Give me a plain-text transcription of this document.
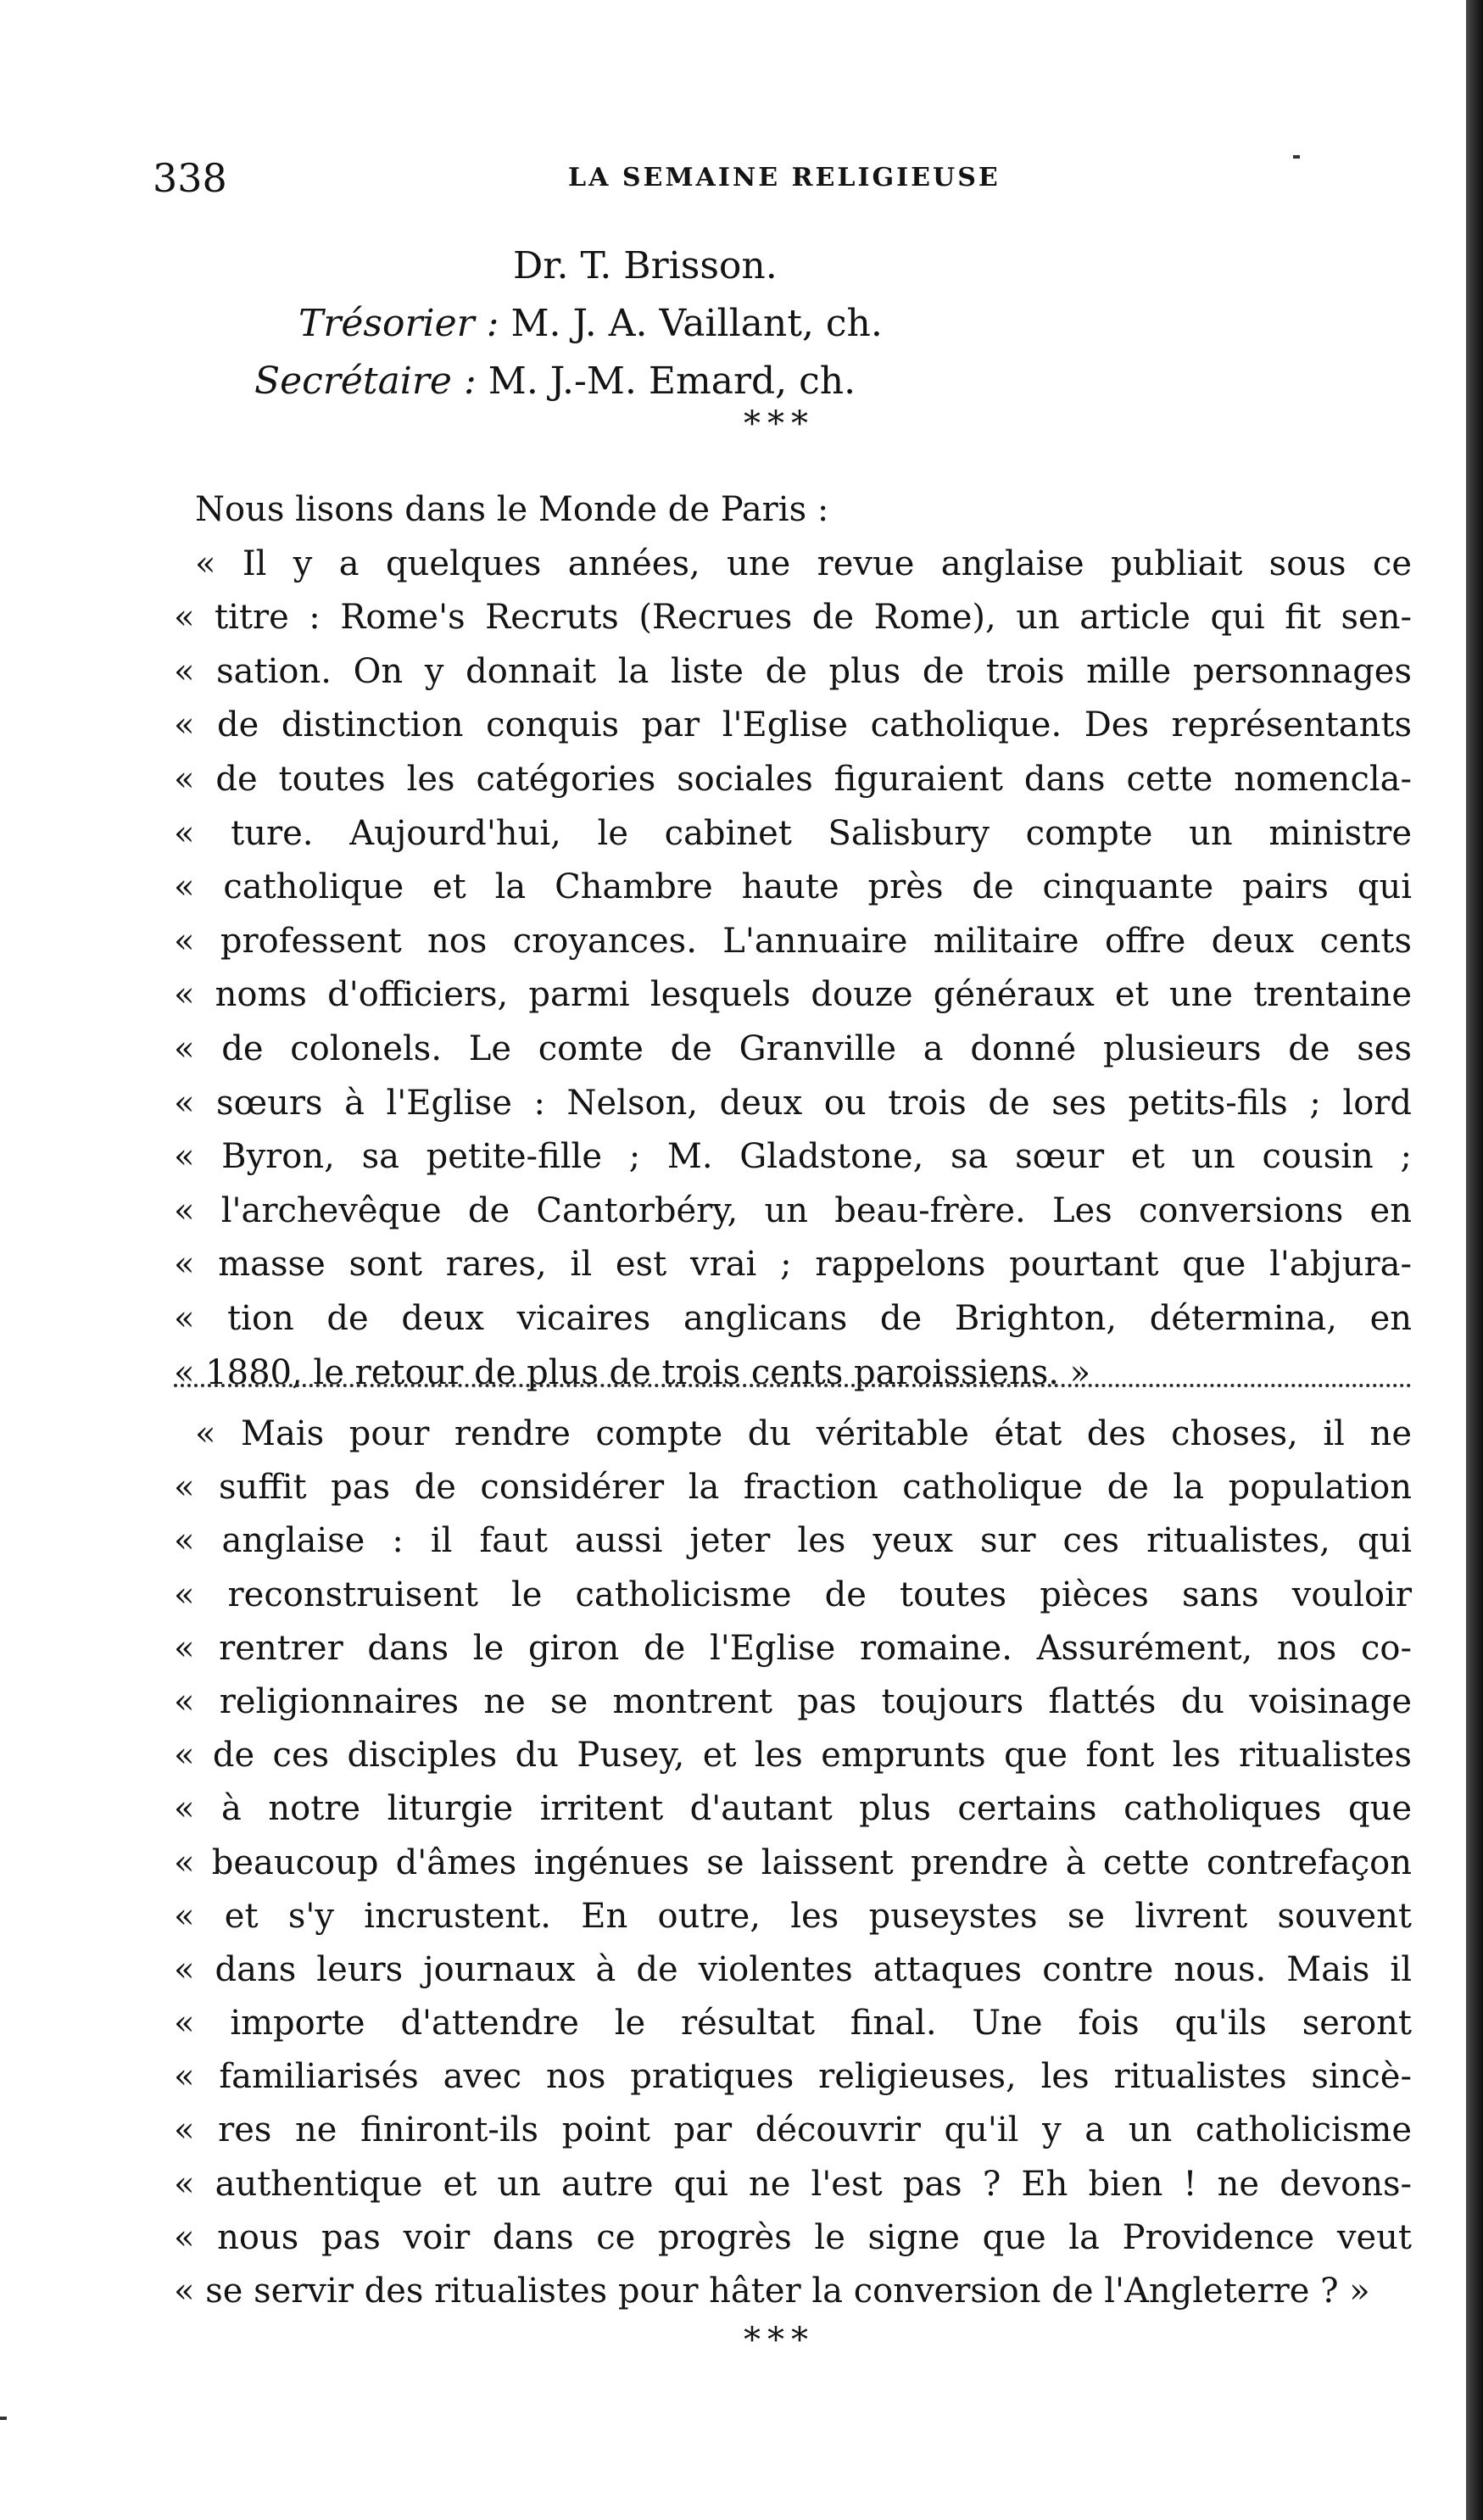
338	LA SEMAINE RELIGIEUSE
Dr. T. Brisson.
Trésorier : M. J. A. Vaillant, ch.
Secrétaire : M. J.-M. Emard, ch.
* * *
Nous lisons dans le Monde de Paris :
« Il y a quelques années, une revue anglaise publiait sous ce
« titre : Rome's Recruts (Recrues de Rome), un article qui fit sen-
« sation. On y donnait la liste de plus de trois mille personnages
« de distinction conquis par l'Eglise catholique. Des représentants
« de toutes les catégories sociales figuraient dans cette nomencla-
« ture. Aujourd'hui, le cabinet Salisbury compte un ministre
« catholique et la Chambre haute près de cinquante pairs qui
« professent nos croyances. L'annuaire militaire offre deux cents
« noms d'officiers, parmi lesquels douze généraux et une trentaine
« de colonels. Le comte de Granville a donné plusieurs de ses
« sœurs à l'Eglise : Nelson, deux ou trois de ses petits-fils ; lord
« Byron, sa petite-fille ; M. Gladstone, sa sœur et un cousin ;
« l'archevêque de Cantorbéry, un beau-frère. Les conversions en
« masse sont rares, il est vrai ; rappelons pourtant que l'abjura-
« tion de deux vicaires anglicans de Brighton, détermina, en
« 1880, le retour de plus de trois cents paroissiens. »
« Mais pour rendre compte du véritable état des choses, il ne
« suffit pas de considérer la fraction catholique de la population
« anglaise : il faut aussi jeter les yeux sur ces ritualistes, qui
« reconstruisent le catholicisme de toutes pièces sans vouloir
« rentrer dans le giron de l'Eglise romaine. Assurément, nos co-
« religionnaires ne se montrent pas toujours flattés du voisinage
« de ces disciples du Pusey, et les emprunts que font les ritualistes
« à notre liturgie irritent d'autant plus certains catholiques que
« beaucoup d'âmes ingénues se laissent prendre à cette contrefaçon
« et s'y incrustent. En outre, les puseystes se livrent souvent
« dans leurs journaux à de violentes attaques contre nous. Mais il
« importe d'attendre le résultat final. Une fois qu'ils seront
« familiarisés avec nos pratiques religieuses, les ritualistes sincè-
« res ne finiront-ils point par découvrir qu'il y a un catholicisme
« authentique et un autre qui ne l'est pas ? Eh bien ! ne devons-
« nous pas voir dans ce progrès le signe que la Providence veut
« se servir des ritualistes pour hâter la conversion de l'Angleterre ? »
* * *
